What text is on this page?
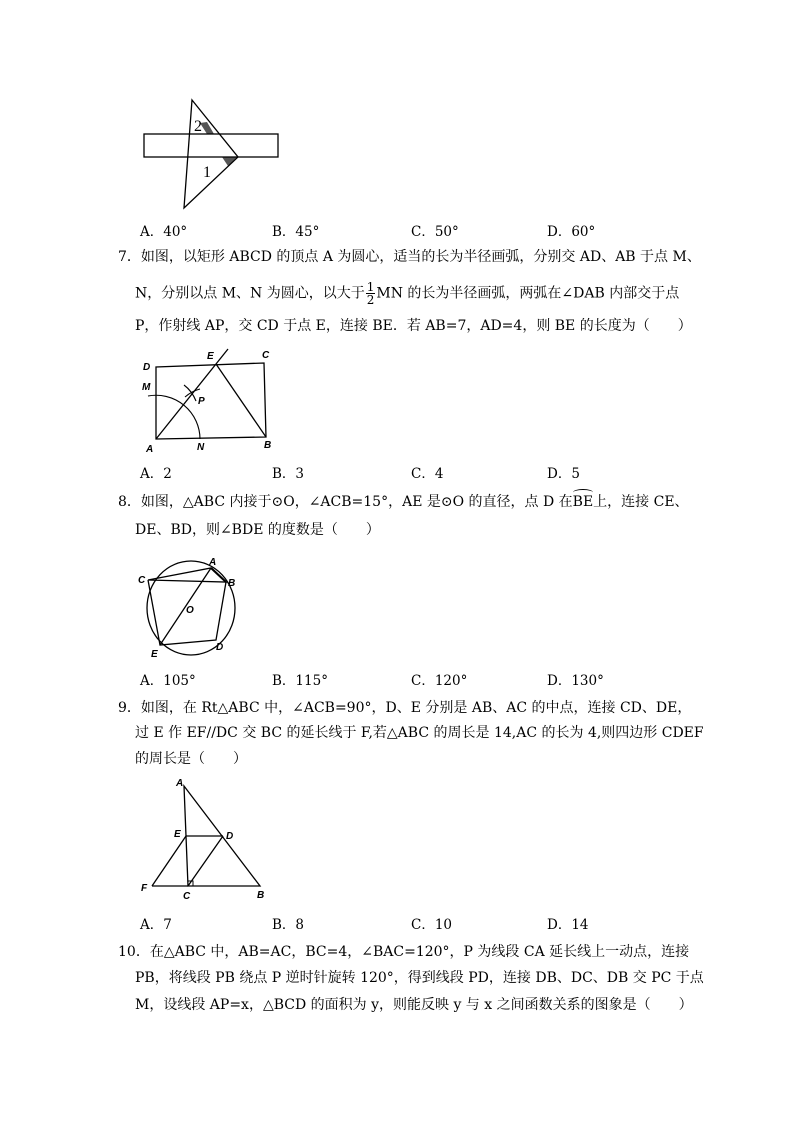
2
1
A．40°	B．45°	C．50°	D．60°
7．如图，以矩形 ABCD 的顶点 A 为圆心，适当的长为半径画弧，分别交 AD、AB 于点 M、
N，分别以点 M、N 为圆心，以大于 $\frac{1}{2}$ MN 的长为半径画弧，两弧在∠DAB 内部交于点
P，作射线 AP，交 CD 于点 E，连接 BE．若 AB=7，AD=4，则 BE 的长度为（　　）
D
E	C
M
P
A	N	B
A．2	B．3	C．4	D．5
8．如图，△ABC 内接于⊙O，∠ACB=15°，AE 是⊙O 的直径，点 D 在BE上，连接 CE、
DE、BD，则∠BDE 的度数是（　　）
A
C	B
O
E
D
A．105°	B．115°	C．120°	D．130°
9．如图，在 Rt△ABC 中，∠ACB=90°，D、E 分别是 AB、AC 的中点，连接 CD、DE，
过 E 作 EF//DC 交 BC 的延长线于 F,若△ABC 的周长是 14,AC 的长为 4,则四边形 CDEF
的周长是（　　）
A
E	D
F
C	B
A．7	B．8	C．10	D．14
10．在△ABC 中，AB=AC，BC=4，∠BAC=120°，P 为线段 CA 延长线上一动点，连接
PB，将线段 PB 绕点 P 逆时针旋转 120°，得到线段 PD，连接 DB、DC、DB 交 PC 于点
M，设线段 AP=x，△BCD 的面积为 y，则能反映 y 与 x 之间函数关系的图象是（　　）
